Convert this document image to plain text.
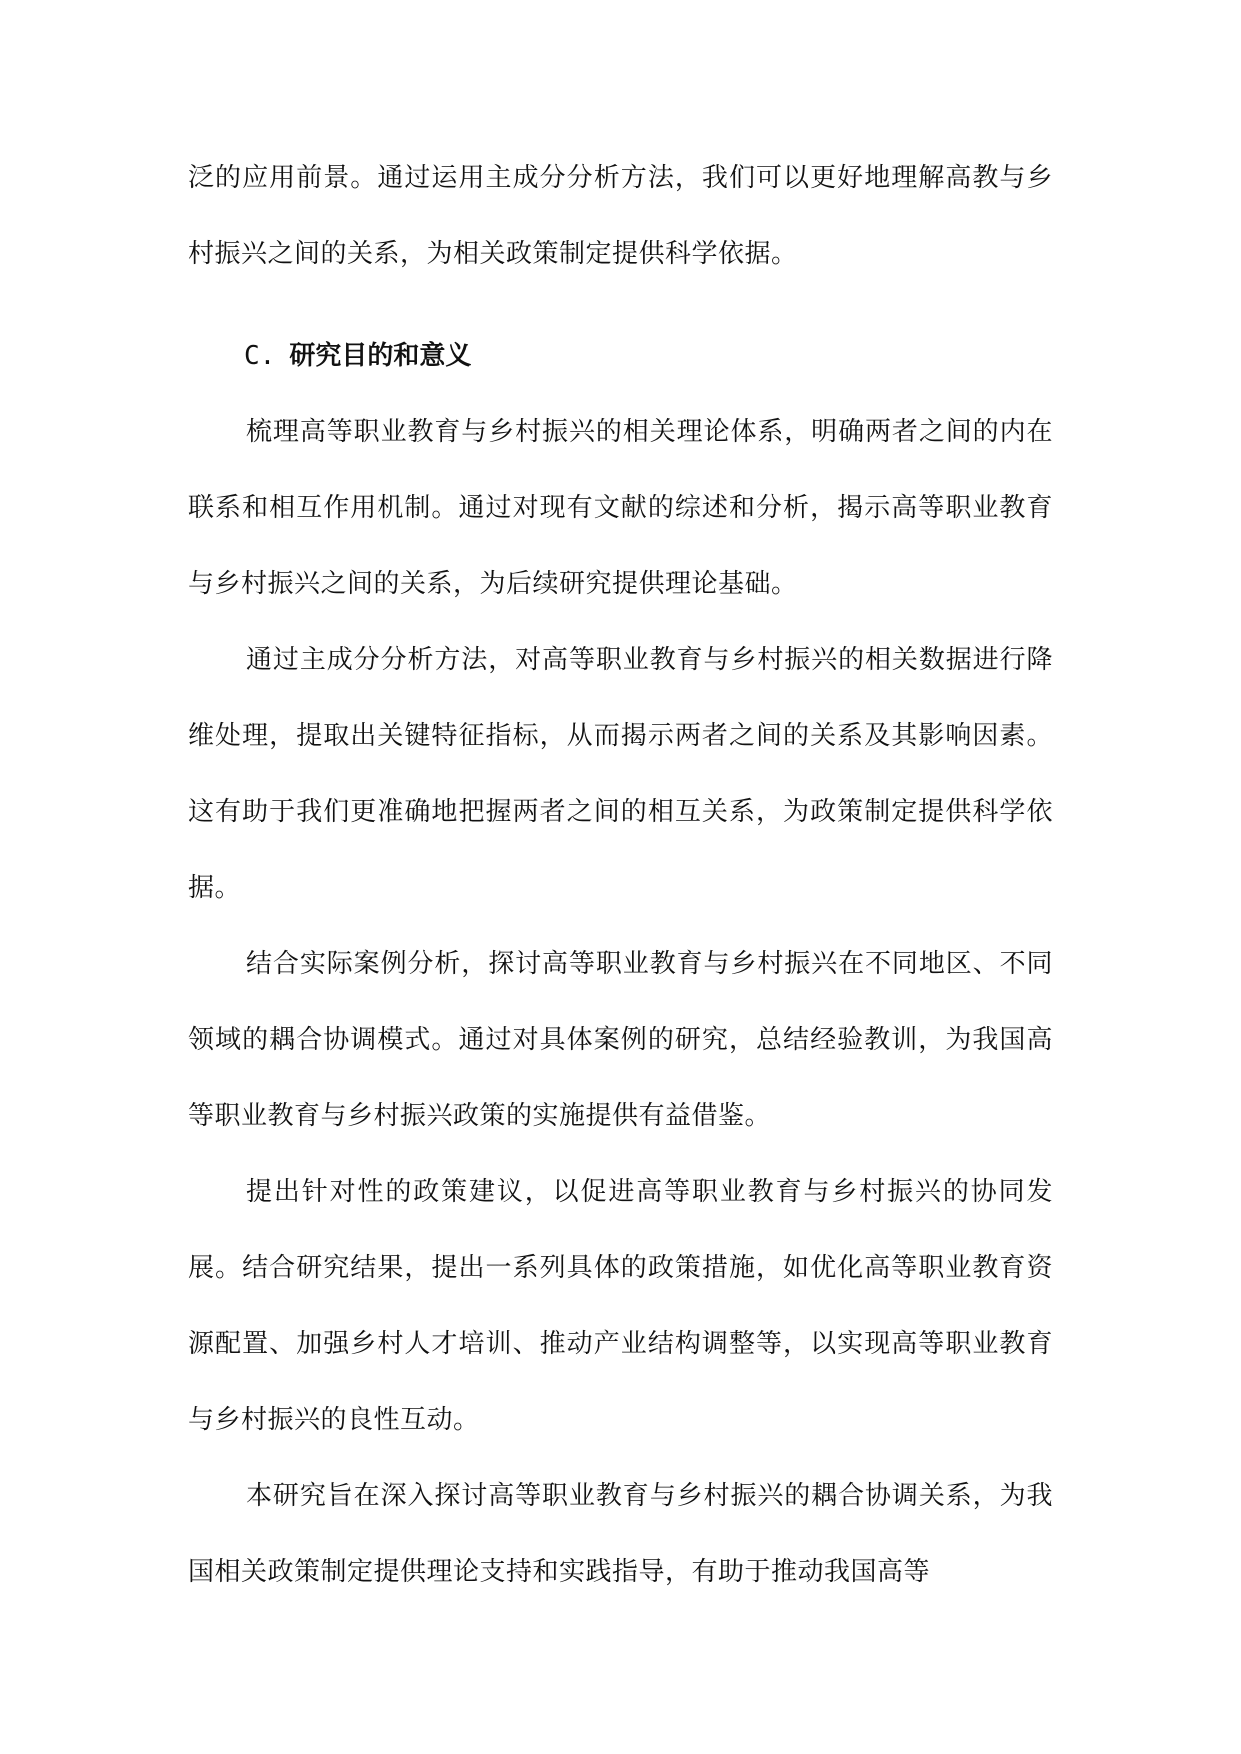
泛的应用前景。通过运用主成分分析方法，我们可以更好地理解高教与乡村振兴之间的关系，为相关政策制定提供科学依据。

C. 研究目的和意义

梳理高等职业教育与乡村振兴的相关理论体系，明确两者之间的内在联系和相互作用机制。通过对现有文献的综述和分析，揭示高等职业教育与乡村振兴之间的关系，为后续研究提供理论基础。

通过主成分分析方法，对高等职业教育与乡村振兴的相关数据进行降维处理，提取出关键特征指标，从而揭示两者之间的关系及其影响因素。这有助于我们更准确地把握两者之间的相互关系，为政策制定提供科学依据。

结合实际案例分析，探讨高等职业教育与乡村振兴在不同地区、不同领域的耦合协调模式。通过对具体案例的研究，总结经验教训，为我国高等职业教育与乡村振兴政策的实施提供有益借鉴。

提出针对性的政策建议，以促进高等职业教育与乡村振兴的协同发展。结合研究结果，提出一系列具体的政策措施，如优化高等职业教育资源配置、加强乡村人才培训、推动产业结构调整等，以实现高等职业教育与乡村振兴的良性互动。

本研究旨在深入探讨高等职业教育与乡村振兴的耦合协调关系，为我国相关政策制定提供理论支持和实践指导，有助于推动我国高等
